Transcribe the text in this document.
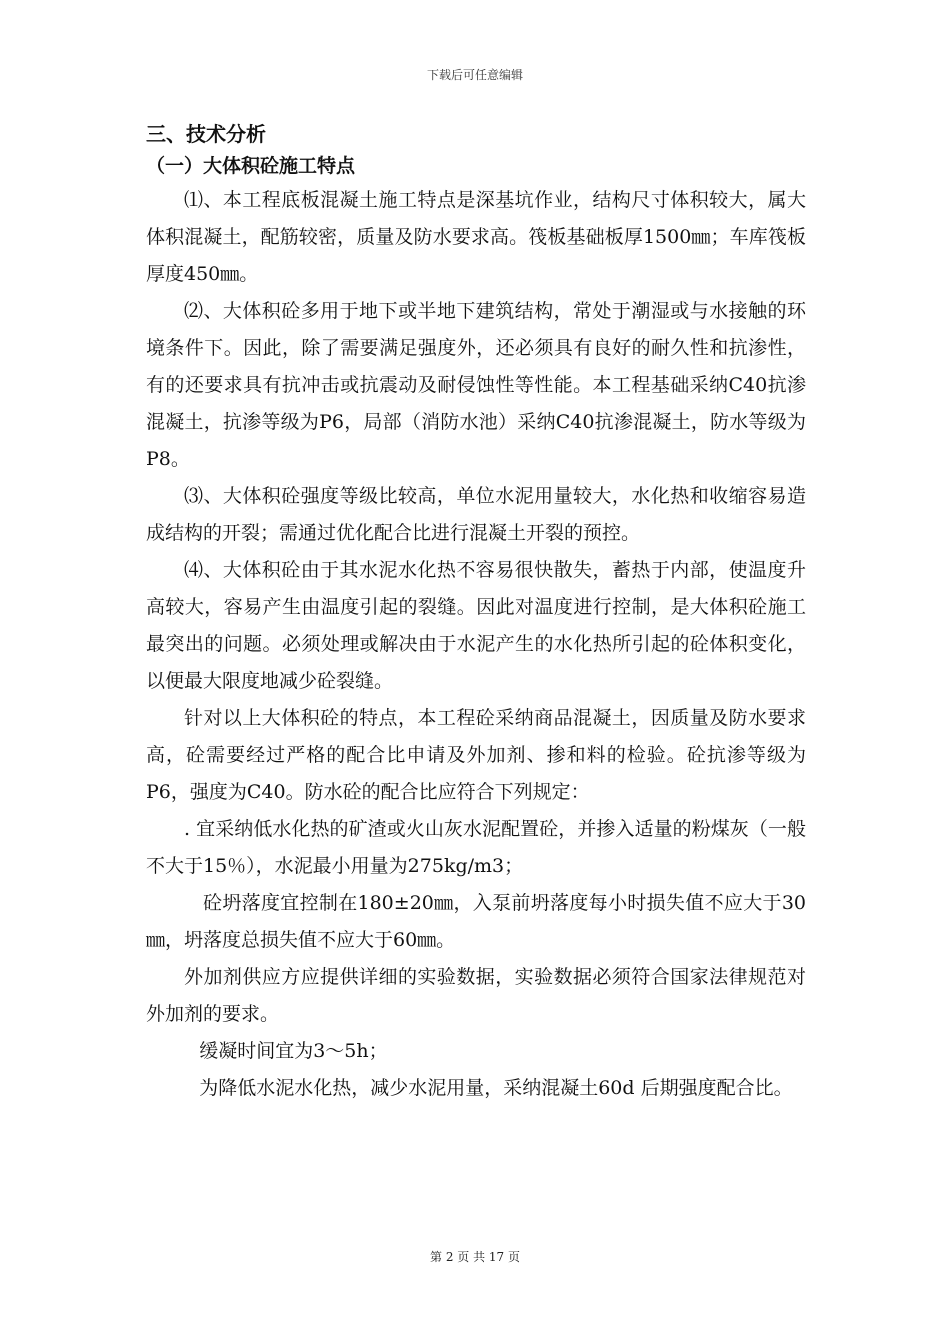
下载后可任意编辑
三、技术分析
（一）大体积砼施工特点

⑴、本工程底板混凝土施工特点是深基坑作业，结构尺寸体积较大，属大体积混凝土，配筋较密，质量及防水要求高。筏板基础板厚1500㎜；车库筏板厚度450㎜。

⑵、大体积砼多用于地下或半地下建筑结构，常处于潮湿或与水接触的环境条件下。因此，除了需要满足强度外，还必须具有良好的耐久性和抗渗性，有的还要求具有抗冲击或抗震动及耐侵蚀性等性能。本工程基础采纳C40抗渗混凝土，抗渗等级为P6，局部（消防水池）采纳C40抗渗混凝土，防水等级为P8。

⑶、大体积砼强度等级比较高，单位水泥用量较大，水化热和收缩容易造成结构的开裂；需通过优化配合比进行混凝土开裂的预控。

⑷、大体积砼由于其水泥水化热不容易很快散失，蓄热于内部，使温度升高较大，容易产生由温度引起的裂缝。因此对温度进行控制，是大体积砼施工最突出的问题。必须处理或解决由于水泥产生的水化热所引起的砼体积变化，以便最大限度地减少砼裂缝。

针对以上大体积砼的特点，本工程砼采纳商品混凝土，因质量及防水要求高，砼需要经过严格的配合比申请及外加剂、掺和料的检验。砼抗渗等级为P6，强度为C40。防水砼的配合比应符合下列规定：

. 宜采纳低水化热的矿渣或火山灰水泥配置砼，并掺入适量的粉煤灰（一般不大于15％），水泥最小用量为275kg/m3；

砼坍落度宜控制在180±20㎜，入泵前坍落度每小时损失值不应大于30㎜，坍落度总损失值不应大于60㎜。

外加剂供应方应提供详细的实验数据，实验数据必须符合国家法律规范对外加剂的要求。

缓凝时间宜为3～5h；

为降低水泥水化热，减少水泥用量，采纳混凝土60d 后期强度配合比。

第 2 页 共 17 页
